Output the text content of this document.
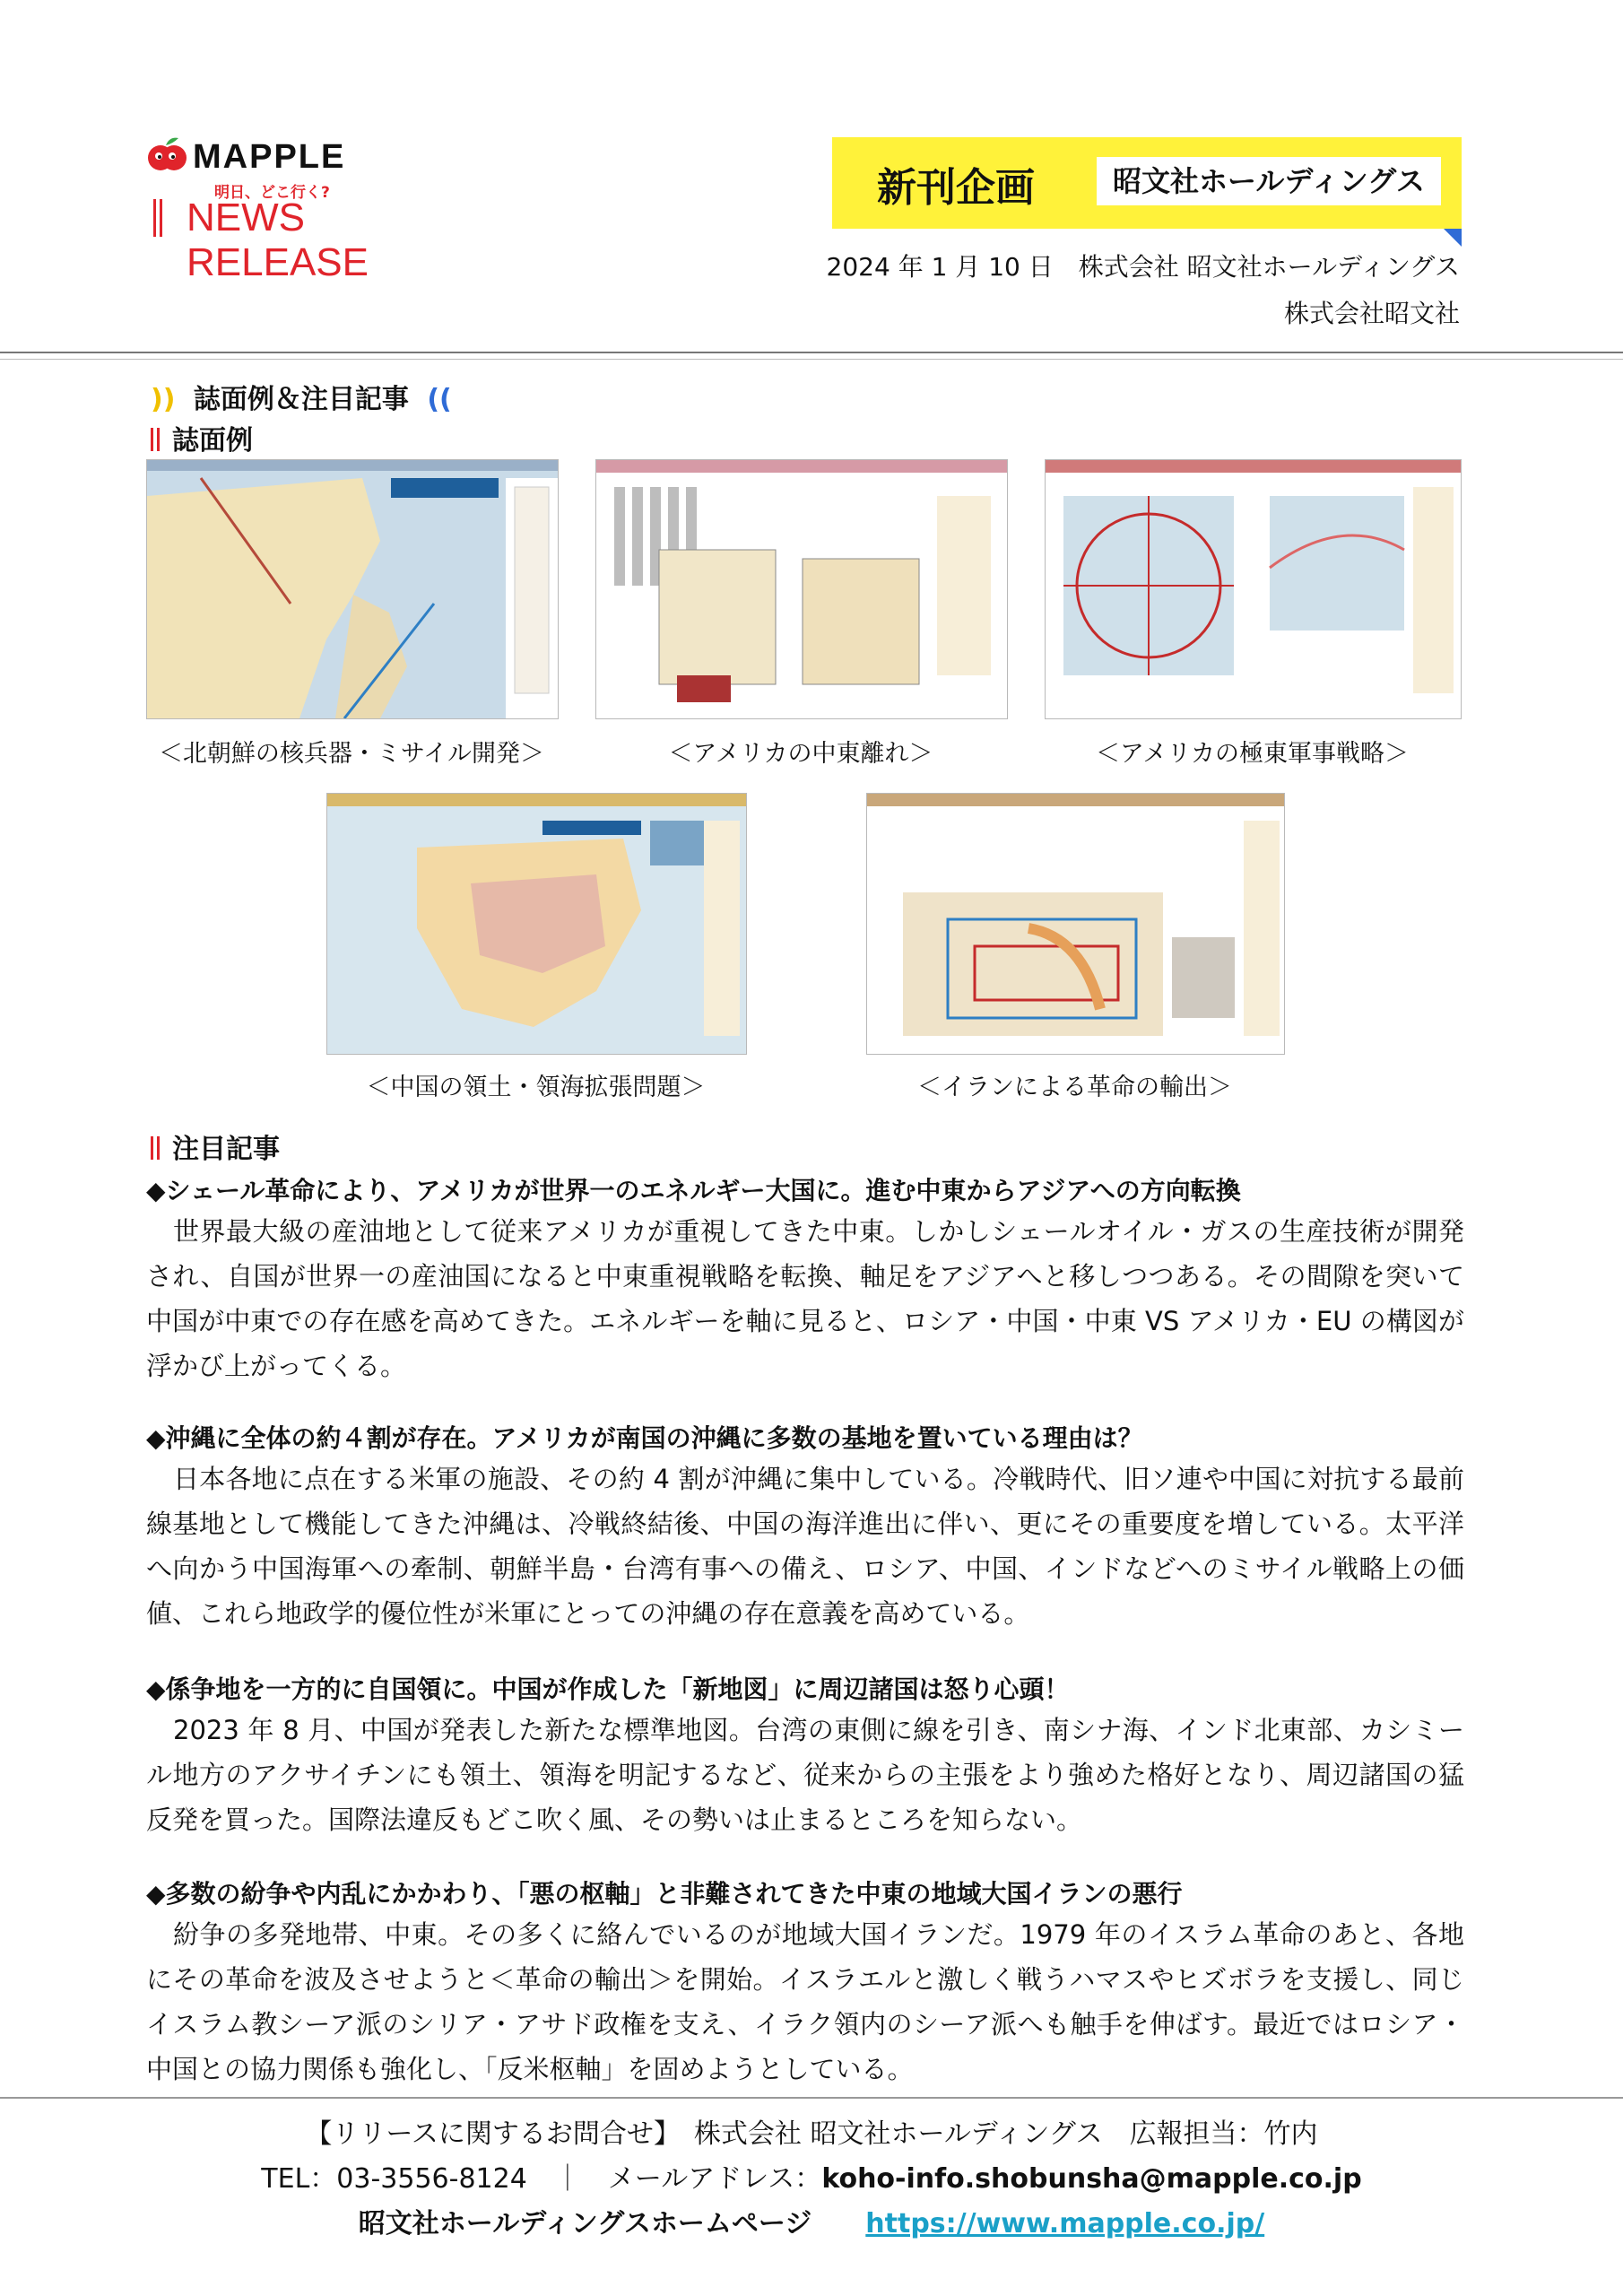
MAPPLE
明日、どこ行く?
NEWS RELEASE
新刊企画	昭文社ホールディングス
2024 年 1 月 10 日　株式会社 昭文社ホールディングス
株式会社昭文社
)) 誌面例＆注目記事 ((
誌面例
＜北朝鮮の核兵器・ミサイル開発＞	＜アメリカの中東離れ＞	＜アメリカの極東軍事戦略＞
＜中国の領土・領海拡張問題＞	＜イランによる革命の輸出＞
注目記事
◆シェール革命により、アメリカが世界一のエネルギー大国に。進む中東からアジアへの方向転換
世界最大級の産油地として従来アメリカが重視してきた中東。しかしシェールオイル・ガスの生産技術が開発され、自国が世界一の産油国になると中東重視戦略を転換、軸足をアジアへと移しつつある。その間隙を突いて中国が中東での存在感を高めてきた。エネルギーを軸に見ると、ロシア・中国・中東 VS アメリカ・EU の構図が浮かび上がってくる。
◆沖縄に全体の約４割が存在。アメリカが南国の沖縄に多数の基地を置いている理由は？
日本各地に点在する米軍の施設、その約 4 割が沖縄に集中している。冷戦時代、旧ソ連や中国に対抗する最前線基地として機能してきた沖縄は、冷戦終結後、中国の海洋進出に伴い、更にその重要度を増している。太平洋へ向かう中国海軍への牽制、朝鮮半島・台湾有事への備え、ロシア、中国、インドなどへのミサイル戦略上の価値、これら地政学的優位性が米軍にとっての沖縄の存在意義を高めている。
◆係争地を一方的に自国領に。中国が作成した「新地図」に周辺諸国は怒り心頭！
2023 年 8 月、中国が発表した新たな標準地図。台湾の東側に線を引き、南シナ海、インド北東部、カシミール地方のアクサイチンにも領土、領海を明記するなど、従来からの主張をより強めた格好となり、周辺諸国の猛反発を買った。国際法違反もどこ吹く風、その勢いは止まるところを知らない。
◆多数の紛争や内乱にかかわり、「悪の枢軸」と非難されてきた中東の地域大国イランの悪行
紛争の多発地帯、中東。その多くに絡んでいるのが地域大国イランだ。1979 年のイスラム革命のあと、各地にその革命を波及させようと＜革命の輸出＞を開始。イスラエルと激しく戦うハマスやヒズボラを支援し、同じイスラム教シーア派のシリア・アサド政権を支え、イラク領内のシーア派へも触手を伸ばす。最近ではロシア・中国との協力関係も強化し、「反米枢軸」を固めようとしている。
【リリースに関するお問合せ】　 株式会社 昭文社ホールディングス　 広報担当：竹内
TEL：03-3556-8124　 ｜　 メールアドレス：koho-info.shobunsha@mapple.co.jp
昭文社ホールディングスホームページ　　 https://www.mapple.co.jp/
